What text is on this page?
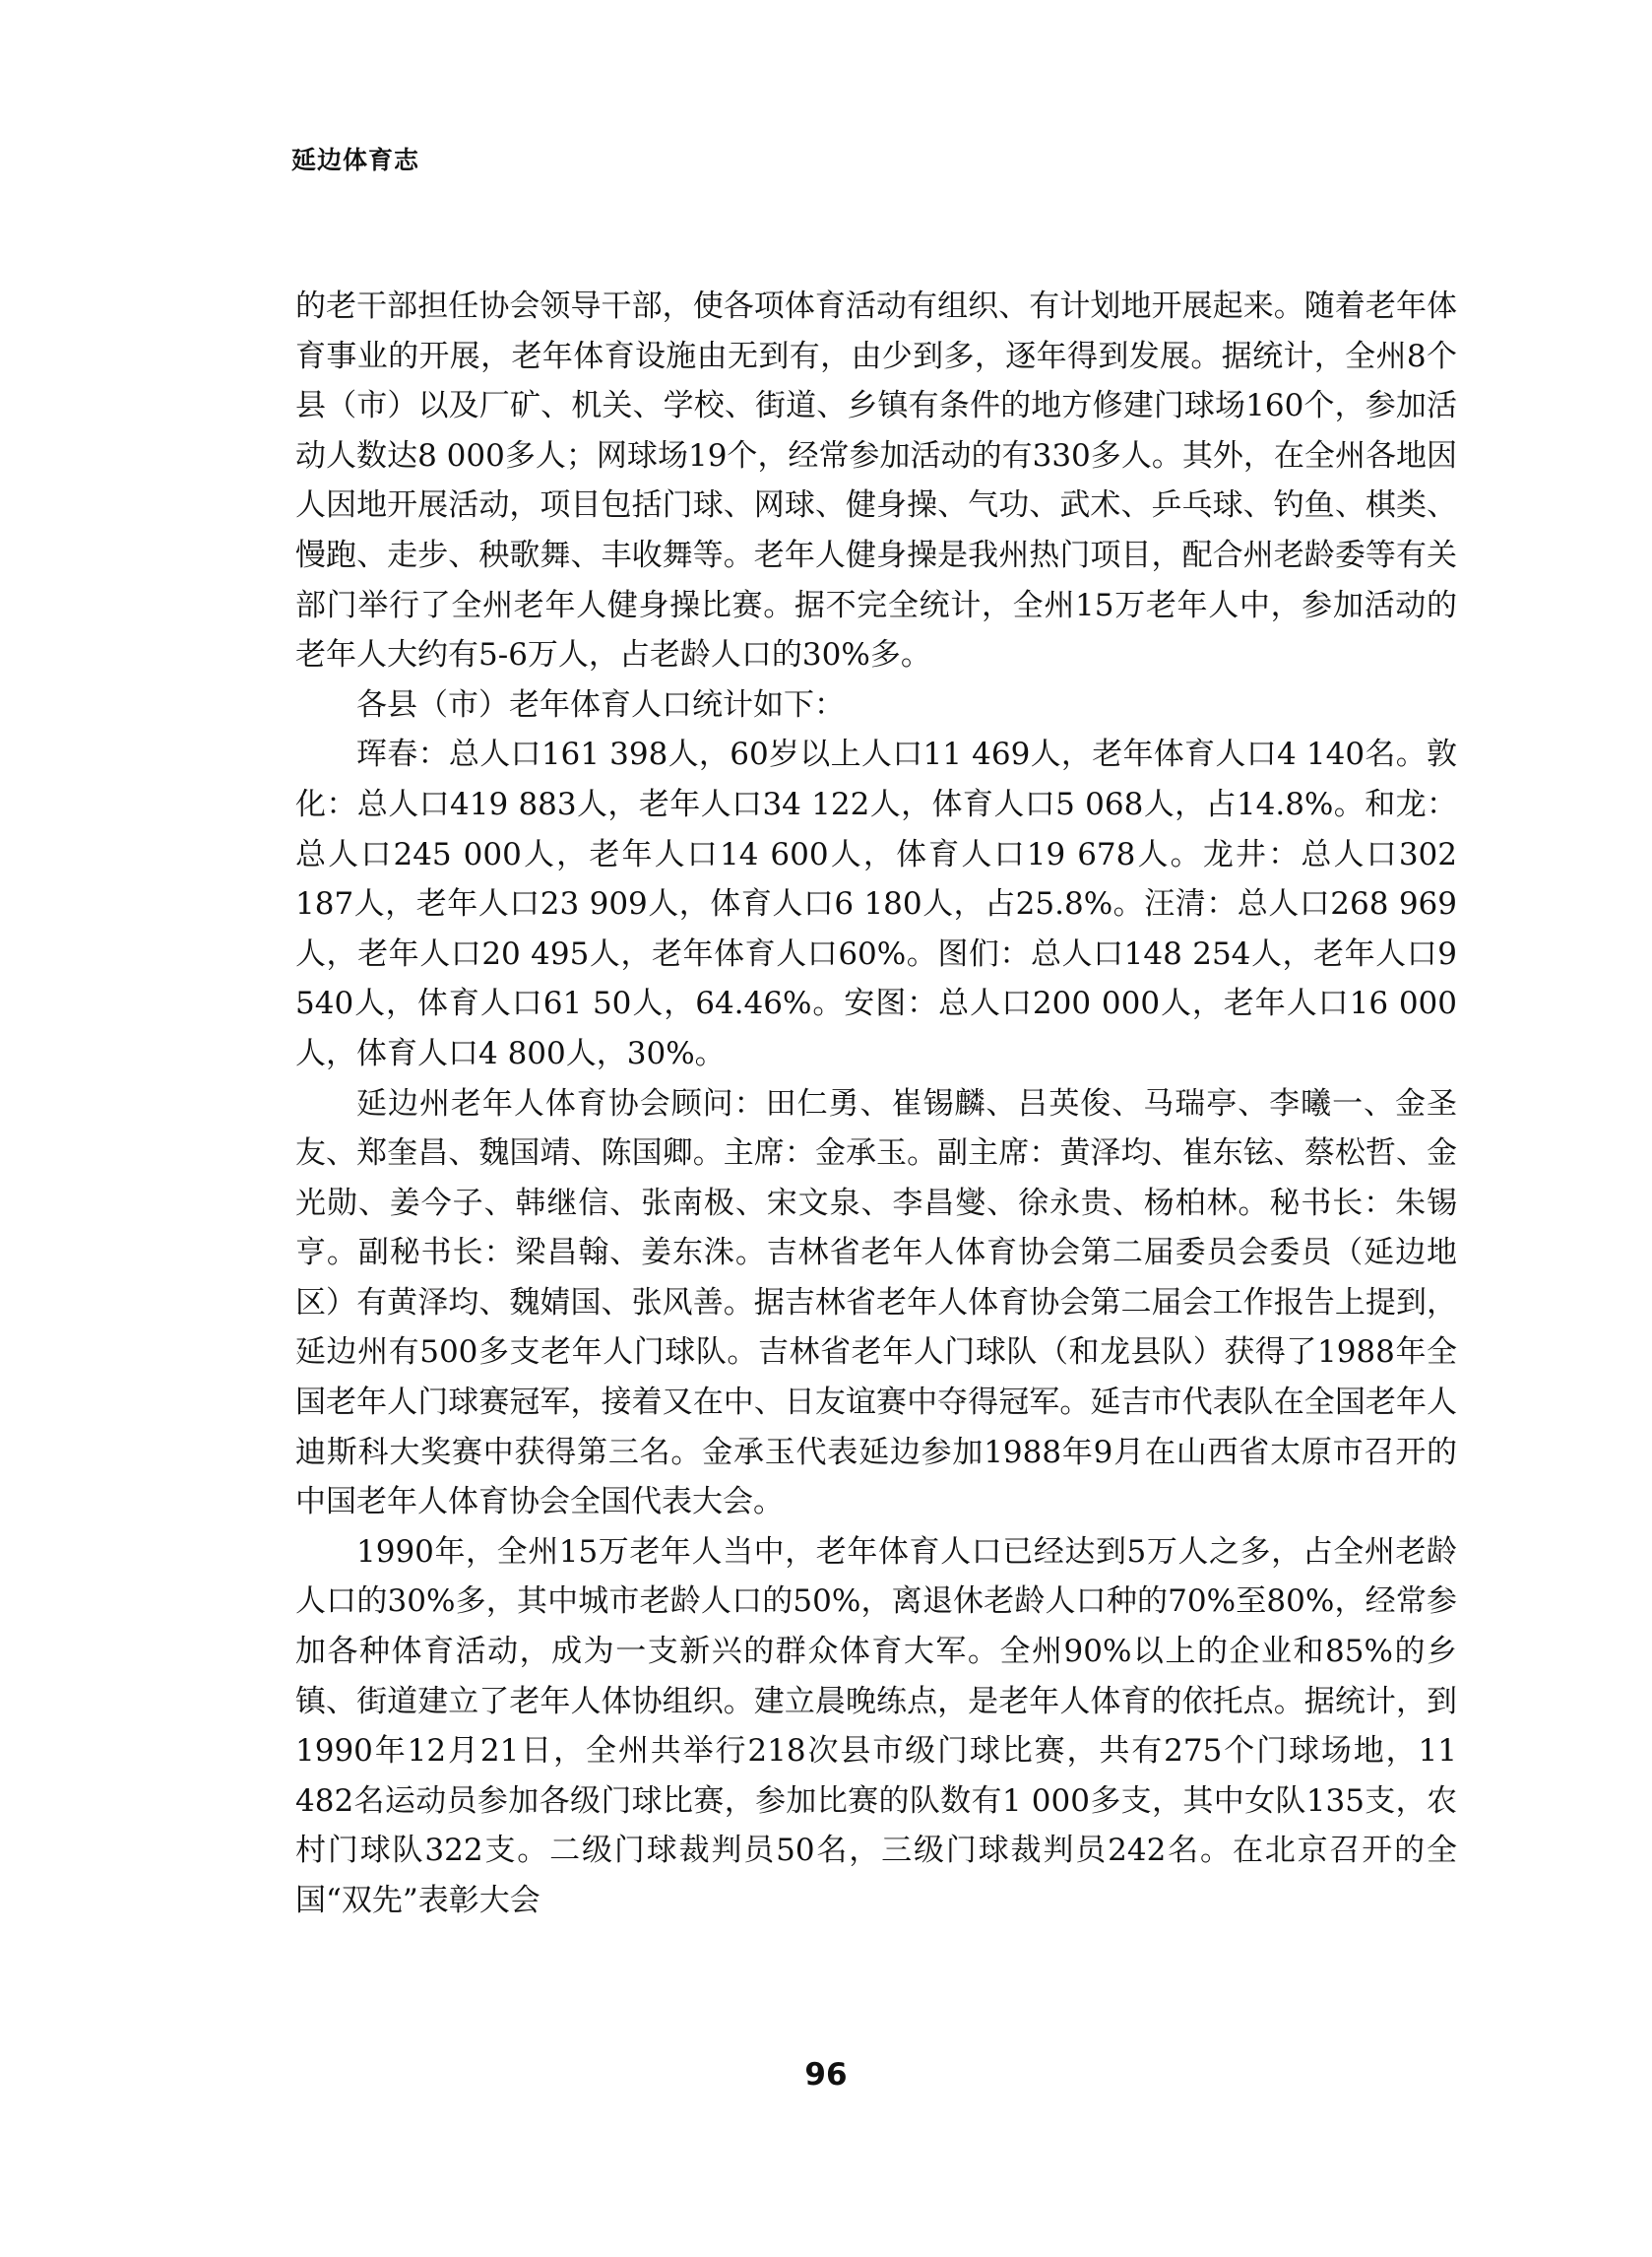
延边体育志

的老干部担任协会领导干部，使各项体育活动有组织、有计划地开展起来。随着老年体育事业的开展，老年体育设施由无到有，由少到多，逐年得到发展。据统计，全州8个县（市）以及厂矿、机关、学校、街道、乡镇有条件的地方修建门球场160个，参加活动人数达8 000多人；网球场19个，经常参加活动的有330多人。其外，在全州各地因人因地开展活动，项目包括门球、网球、健身操、气功、武术、乒乓球、钓鱼、棋类、慢跑、走步、秧歌舞、丰收舞等。老年人健身操是我州热门项目，配合州老龄委等有关部门举行了全州老年人健身操比赛。据不完全统计，全州15万老年人中，参加活动的老年人大约有5-6万人，占老龄人口的30%多。

各县（市）老年体育人口统计如下：

珲春：总人口161 398人，60岁以上人口11 469人，老年体育人口4 140名。敦化：总人口419 883人，老年人口34 122人，体育人口5 068人，占14.8%。和龙：总人口245 000人，老年人口14 600人，体育人口19 678人。龙井：总人口302 187人，老年人口23 909人，体育人口6 180人，占25.8%。汪清：总人口268 969人，老年人口20 495人，老年体育人口60%。图们：总人口148 254人，老年人口9 540人，体育人口61 50人，64.46%。安图：总人口200 000人，老年人口16 000人，体育人口4 800人，30%。

延边州老年人体育协会顾问：田仁勇、崔锡麟、吕英俊、马瑞亭、李曦一、金圣友、郑奎昌、魏国靖、陈国卿。主席：金承玉。副主席：黄泽均、崔东铉、蔡松哲、金光勋、姜今子、韩继信、张南极、宋文泉、李昌燮、徐永贵、杨柏林。秘书长：朱锡亨。副秘书长：梁昌翰、姜东洙。吉林省老年人体育协会第二届委员会委员（延边地区）有黄泽均、魏婧国、张风善。据吉林省老年人体育协会第二届会工作报告上提到，延边州有500多支老年人门球队。吉林省老年人门球队（和龙县队）获得了1988年全国老年人门球赛冠军，接着又在中、日友谊赛中夺得冠军。延吉市代表队在全国老年人迪斯科大奖赛中获得第三名。金承玉代表延边参加1988年9月在山西省太原市召开的中国老年人体育协会全国代表大会。

1990年，全州15万老年人当中，老年体育人口已经达到5万人之多，占全州老龄人口的30%多，其中城市老龄人口的50%，离退休老龄人口种的70%至80%，经常参加各种体育活动，成为一支新兴的群众体育大军。全州90%以上的企业和85%的乡镇、街道建立了老年人体协组织。建立晨晚练点，是老年人体育的依托点。据统计，到1990年12月21日，全州共举行218次县市级门球比赛，共有275个门球场地，11 482名运动员参加各级门球比赛，参加比赛的队数有1 000多支，其中女队135支，农村门球队322支。二级门球裁判员50名，三级门球裁判员242名。在北京召开的全国“双先”表彰大会

96
